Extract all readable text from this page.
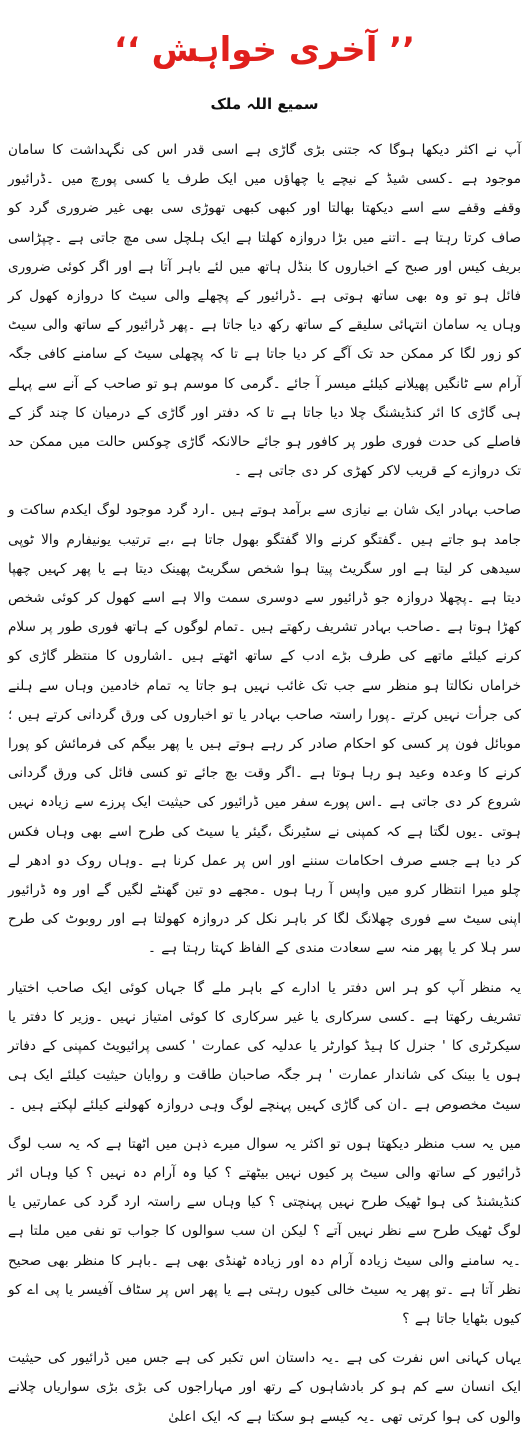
’’ آخری خواہش ‘‘
سمیع اللہ ملک

آپ نے اکثر دیکھا ہوگا کہ جتنی بڑی گاڑی ہے اسی قدر اس کی نگہداشت کا سامان موجود ہے ۔کسی شیڈ کے نیچے یا چھاؤں میں ایک طرف یا کسی پورچ میں ۔ڈرائیور وقفے وقفے سے اسے دیکھتا بھالتا اور کبھی کبھی تھوڑی سی بھی غیر ضروری گرد کو صاف کرتا رہتا ہے ۔اتنے میں بڑا دروازہ کھلتا ہے ایک ہلچل سی مچ جاتی ہے ۔چپڑاسی بریف کیس اور صبح کے اخباروں کا بنڈل ہاتھ میں لئے باہر آتا ہے اور اگر کوئی ضروری فائل ہو تو وہ بھی ساتھ ہوتی ہے ۔ڈرائیور کے پچھلے والی سیٹ کا دروازہ کھول کر وہاں یہ سامان انتہائی سلیقے کے ساتھ رکھ دیا جاتا ہے ۔پھر ڈرائیور کے ساتھ والی سیٹ کو زور لگا کر ممکن حد تک آگے کر دیا جاتا ہے تا کہ پچھلی سیٹ کے سامنے کافی جگہ آرام سے ٹانگیں پھیلانے کیلئے میسر آ جائے ۔گرمی کا موسم ہو تو صاحب کے آنے سے پہلے ہی گاڑی کا ائر کنڈیشنگ چلا دیا جاتا ہے تا کہ دفتر اور گاڑی کے درمیان کا چند گز کے فاصلے کی حدت فوری طور پر کافور ہو جائے حالانکہ گاڑی چوکس حالت میں ممکن حد تک دروازے کے قریب لاکر کھڑی کر دی جاتی ہے ۔

صاحب بہادر ایک شان بے نیازی سے برآمد ہوتے ہیں ۔ارد گرد موجود لوگ ایکدم ساکت و جامد ہو جاتے ہیں ۔گفتگو کرنے والا گفتگو بھول جاتا ہے ،بے ترتیب یونیفارم والا ٹوپی سیدھی کر لیتا ہے اور سگریٹ پیتا ہوا شخص سگریٹ پھینک دیتا ہے یا پھر کہیں چھپا دیتا ہے ۔پچھلا دروازہ جو ڈرائیور سے دوسری سمت والا ہے اسے کھول کر کوئی شخص کھڑا ہوتا ہے ۔صاحب بہادر تشریف رکھتے ہیں ۔تمام لوگوں کے ہاتھ فوری طور پر سلام کرنے کیلئے ماتھے کی طرف بڑے ادب کے ساتھ اٹھتے ہیں ۔اشاروں کا منتظر گاڑی کو خراماں نکالتا ہو منظر سے جب تک غائب نہیں ہو جاتا یہ تمام خادمین وہاں سے ہلنے کی جرأت نہیں کرتے ۔پورا راستہ صاحب بہادر یا تو اخباروں کی ورق گردانی کرتے ہیں ؛ موبائل فون پر کسی کو احکام صادر کر رہے ہوتے ہیں یا پھر بیگم کی فرمائش کو پورا کرنے کا وعدہ وعید ہو رہا ہوتا ہے ۔اگر وقت بچ جائے تو کسی فائل کی ورق گردانی شروع کر دی جاتی ہے ۔اس پورے سفر میں ڈرائیور کی حیثیت ایک پرزے سے زیادہ نہیں ہوتی ۔یوں لگتا ہے کہ کمپنی نے سٹیرنگ ،گیئر یا سیٹ کی طرح اسے بھی وہاں فکس کر دیا ہے جسے صرف احکامات سننے اور اس پر عمل کرنا ہے ۔وہاں روک دو ادھر لے چلو میرا انتظار کرو میں واپس آ رہا ہوں ۔مجھے دو تین گھنٹے لگیں گے اور وہ ڈرائیور اپنی سیٹ سے فوری چھلانگ لگا کر باہر نکل کر دروازہ کھولتا ہے اور روبوٹ کی طرح سر ہلا کر یا پھر منہ سے سعادت مندی کے الفاظ کہتا رہتا ہے ۔

یہ منظر آپ کو ہر اس دفتر یا ادارے کے باہر ملے گا جہاں کوئی ایک صاحب اختیار تشریف رکھتا ہے ۔کسی سرکاری یا غیر سرکاری کا کوئی امتیاز نہیں ۔وزیر کا دفتر یا سیکرٹری کا ' جنرل کا ہیڈ کوارٹر یا عدلیہ کی عمارت ' کسی پرائیویٹ کمپنی کے دفاتر ہوں یا بینک کی شاندار عمارت ' ہر جگہ صاحبان طاقت و روایان حیثیت کیلئے ایک ہی سیٹ مخصوص ہے ۔ان کی گاڑی کہیں پہنچے لوگ وہی دروازہ کھولنے کیلئے لپکتے ہیں ۔

میں یہ سب منظر دیکھتا ہوں تو اکثر یہ سوال میرے ذہن میں اٹھتا ہے کہ یہ سب لوگ ڈرائیور کے ساتھ والی سیٹ پر کیوں نہیں بیٹھتے ؟ کیا وہ آرام دہ نہیں ؟ کیا وہاں ائر کنڈیشنڈ کی ہوا ٹھیک طرح نہیں پہنچتی ؟ کیا وہاں سے راستہ ارد گرد کی عمارتیں یا لوگ ٹھیک طرح سے نظر نہیں آتے ؟ لیکن ان سب سوالوں کا جواب تو نفی میں ملتا ہے ۔یہ سامنے والی سیٹ زیادہ آرام دہ اور زیادہ ٹھنڈی بھی ہے ۔باہر کا منظر بھی صحیح نظر آتا ہے ۔تو پھر یہ سیٹ خالی کیوں رہتی ہے یا پھر اس پر سٹاف آفیسر یا پی اے کو کیوں بٹھایا جاتا ہے ؟

یہاں کہانی اس نفرت کی ہے ۔یہ داستان اس تکبر کی ہے جس میں ڈرائیور کی حیثیت ایک انسان سے کم ہو کر بادشاہوں کے رتھ اور مہاراجوں کی بڑی بڑی سواریاں چلانے والوں کی ہوا کرتی تھی ۔یہ کیسے ہو سکتا ہے کہ ایک اعلیٰ
